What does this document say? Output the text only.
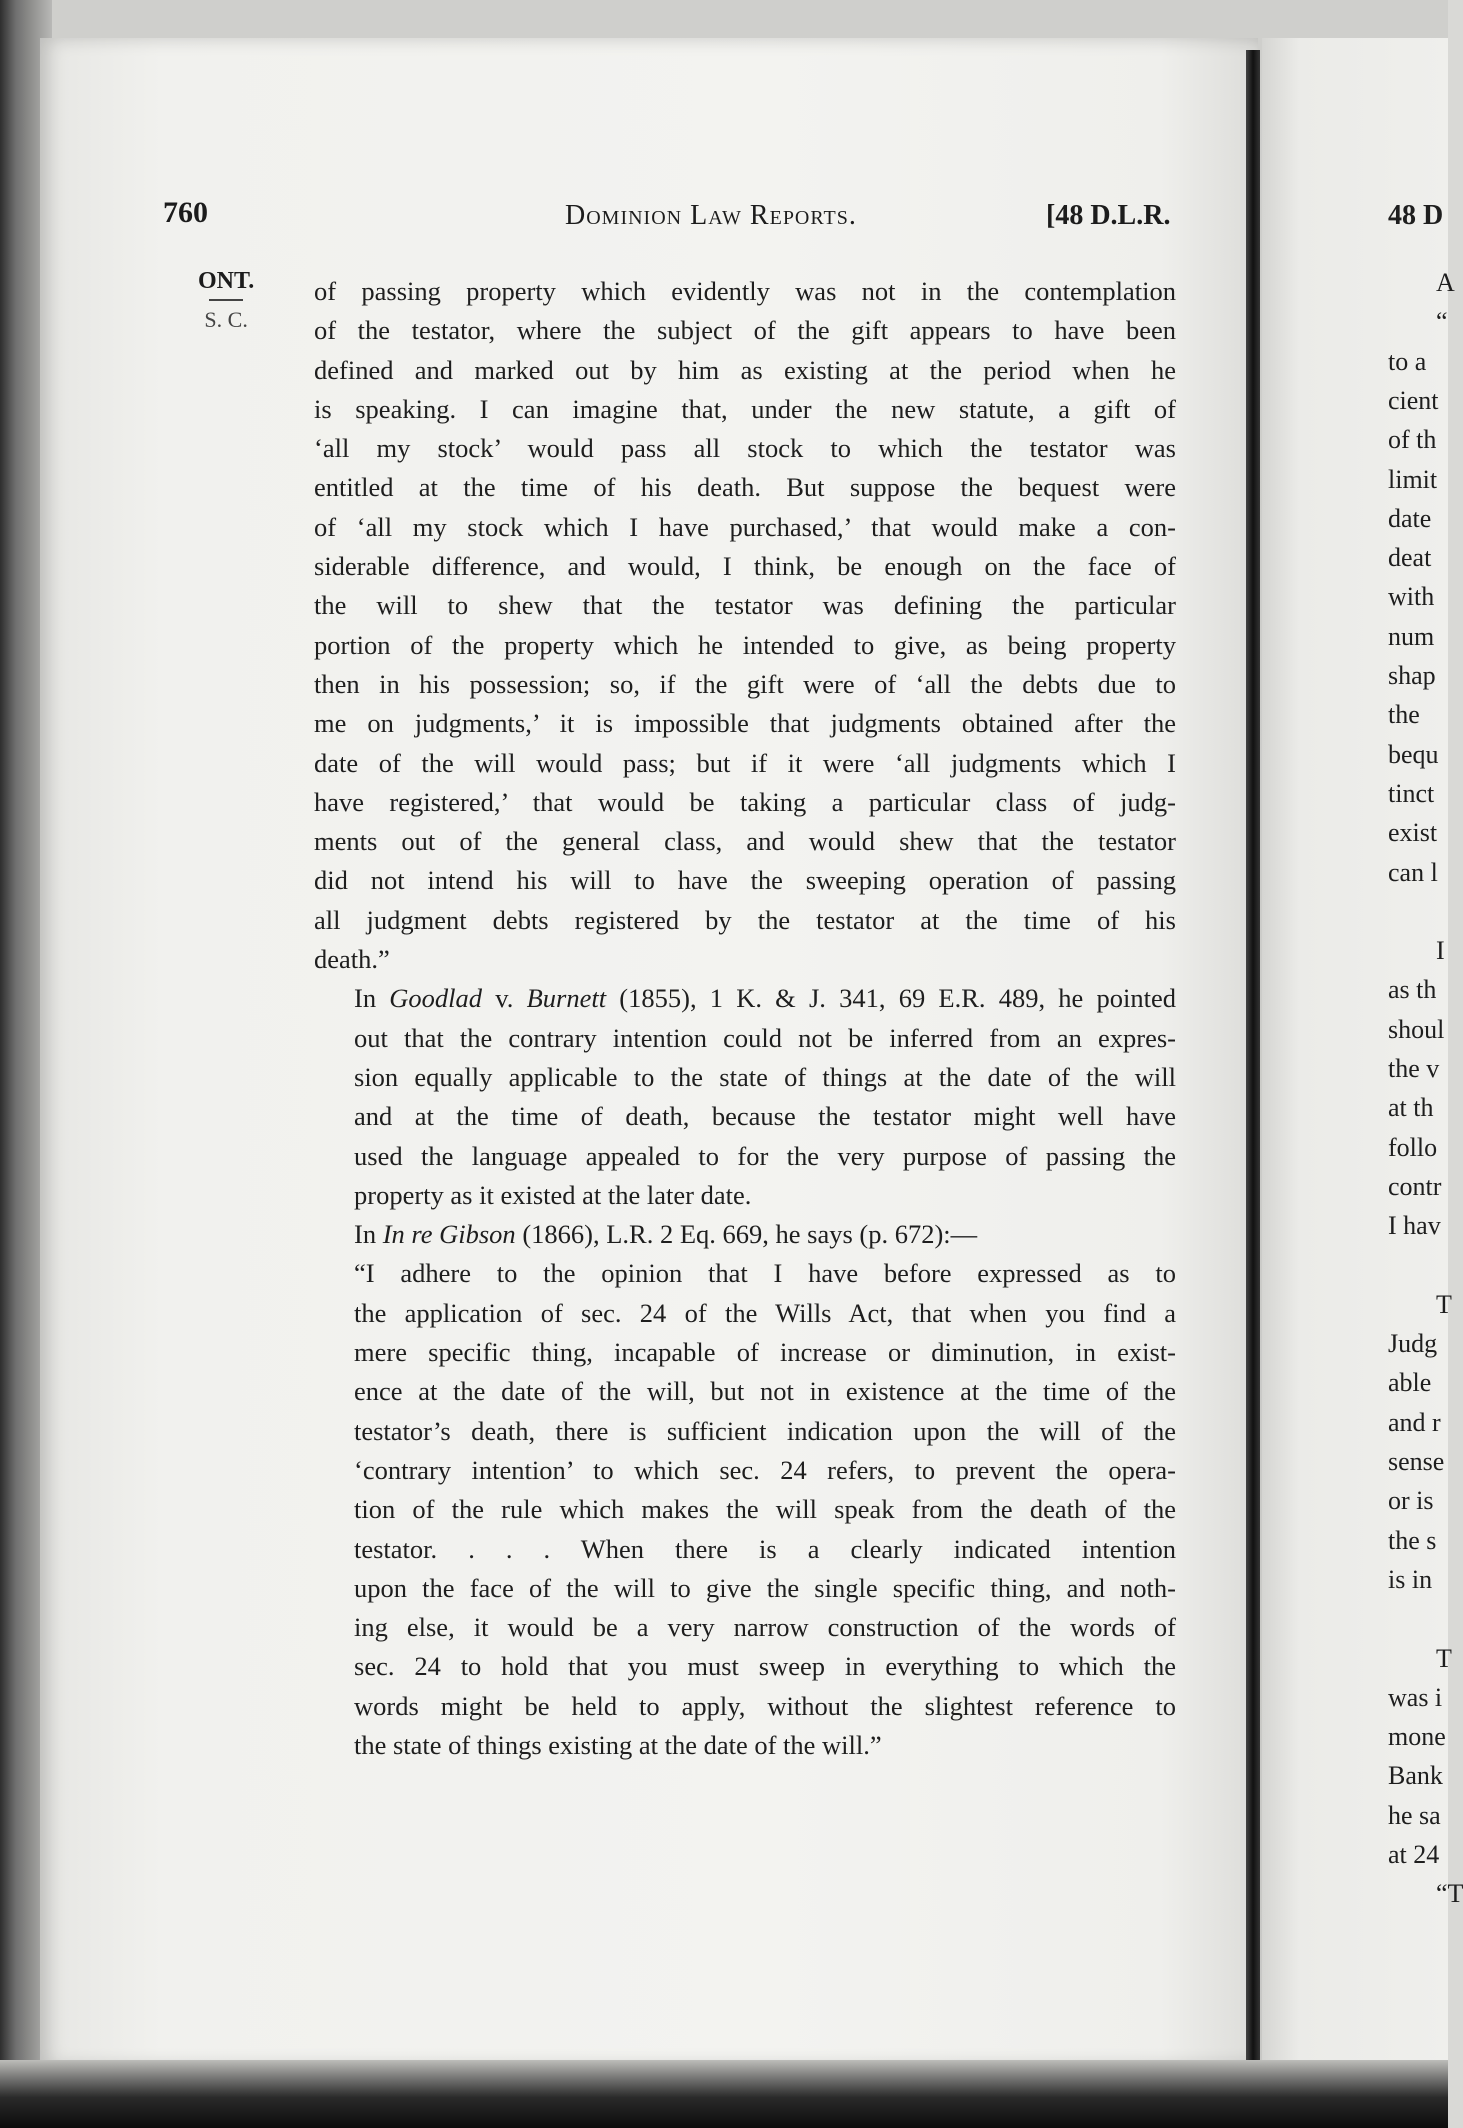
760	Dominion Law Reports.	[48 D.L.R.
ONT.
S. C.

of passing property which evidently was not in the contemplation
of the testator, where the subject of the gift appears to have been
defined and marked out by him as existing at the period when he
is speaking. I can imagine that, under the new statute, a gift of
‘all my stock’ would pass all stock to which the testator was
entitled at the time of his death. But suppose the bequest were
of ‘all my stock which I have purchased,’ that would make a con-
siderable difference, and would, I think, be enough on the face of
the will to shew that the testator was defining the particular
portion of the property which he intended to give, as being property
then in his possession; so, if the gift were of ‘all the debts due to
me on judgments,’ it is impossible that judgments obtained after the
date of the will would pass; but if it were ‘all judgments which I
have registered,’ that would be taking a particular class of judg-
ments out of the general class, and would shew that the testator
did not intend his will to have the sweeping operation of passing
all judgment debts registered by the testator at the time of his
death.”

In Goodlad v. Burnett (1855), 1 K. & J. 341, 69 E.R. 489, he pointed
out that the contrary intention could not be inferred from an expres-
sion equally applicable to the state of things at the date of the will
and at the time of death, because the testator might well have
used the language appealed to for the very purpose of passing the
property as it existed at the later date.

In In re Gibson (1866), L.R. 2 Eq. 669, he says (p. 672):—

“I adhere to the opinion that I have before expressed as to
the application of sec. 24 of the Wills Act, that when you find a
mere specific thing, incapable of increase or diminution, in exist-
ence at the date of the will, but not in existence at the time of the
testator’s death, there is sufficient indication upon the will of the
‘contrary intention’ to which sec. 24 refers, to prevent the opera-
tion of the rule which makes the will speak from the death of the
testator. . . . When there is a clearly indicated intention
upon the face of the will to give the single specific thing, and noth-
ing else, it would be a very narrow construction of the words of
sec. 24 to hold that you must sweep in everything to which the
words might be held to apply, without the slightest reference to
the state of things existing at the date of the will.”

48 D
A
“
to a
cient
of th
limit
date
deat
with
num
shap
the
bequ
tinct
exist
can l
I
as th
shoul
the v
at th
follo
contr
I hav
T
Judg
able
and r
sense
or is
the s
is in
T
was i
mone
Bank
he sa
at 24
“T
